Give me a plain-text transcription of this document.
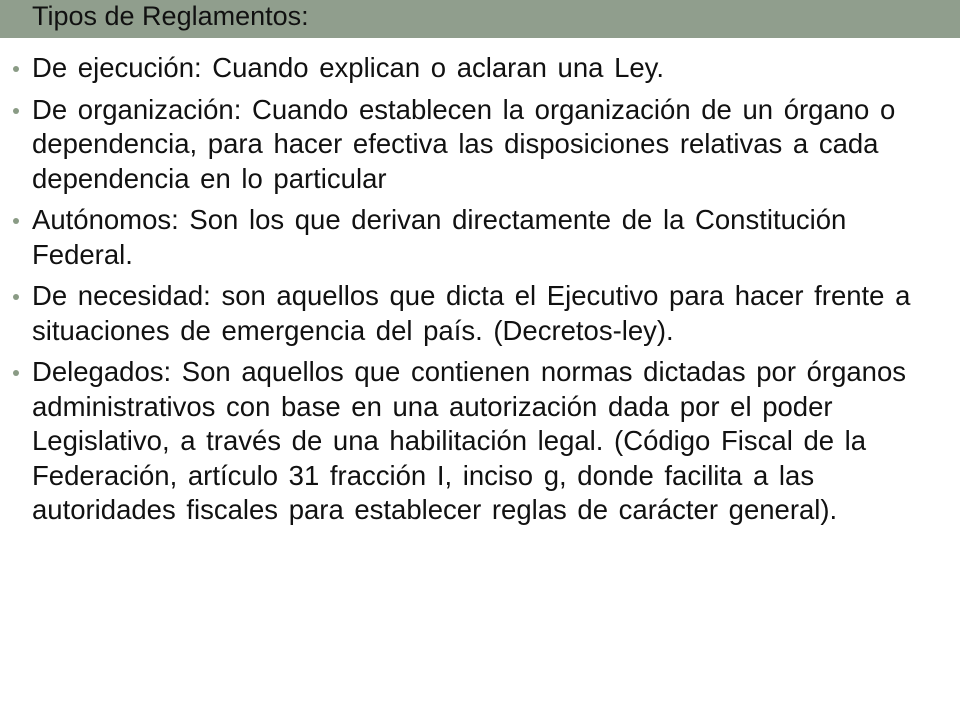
Tipos de Reglamentos:
De ejecución: Cuando explican o aclaran una Ley.
De organización: Cuando establecen la organización de un órgano o dependencia, para hacer efectiva las disposiciones relativas a cada dependencia en lo particular
Autónomos: Son los que derivan directamente de la Constitución Federal.
De necesidad: son aquellos que dicta el Ejecutivo para hacer frente a situaciones de emergencia del país. (Decretos-ley).
Delegados: Son aquellos que contienen normas dictadas por órganos administrativos con base en una autorización dada por el poder Legislativo, a través de una habilitación legal. (Código Fiscal de la Federación, artículo 31 fracción I, inciso g, donde facilita a las autoridades fiscales para establecer reglas de carácter general).
